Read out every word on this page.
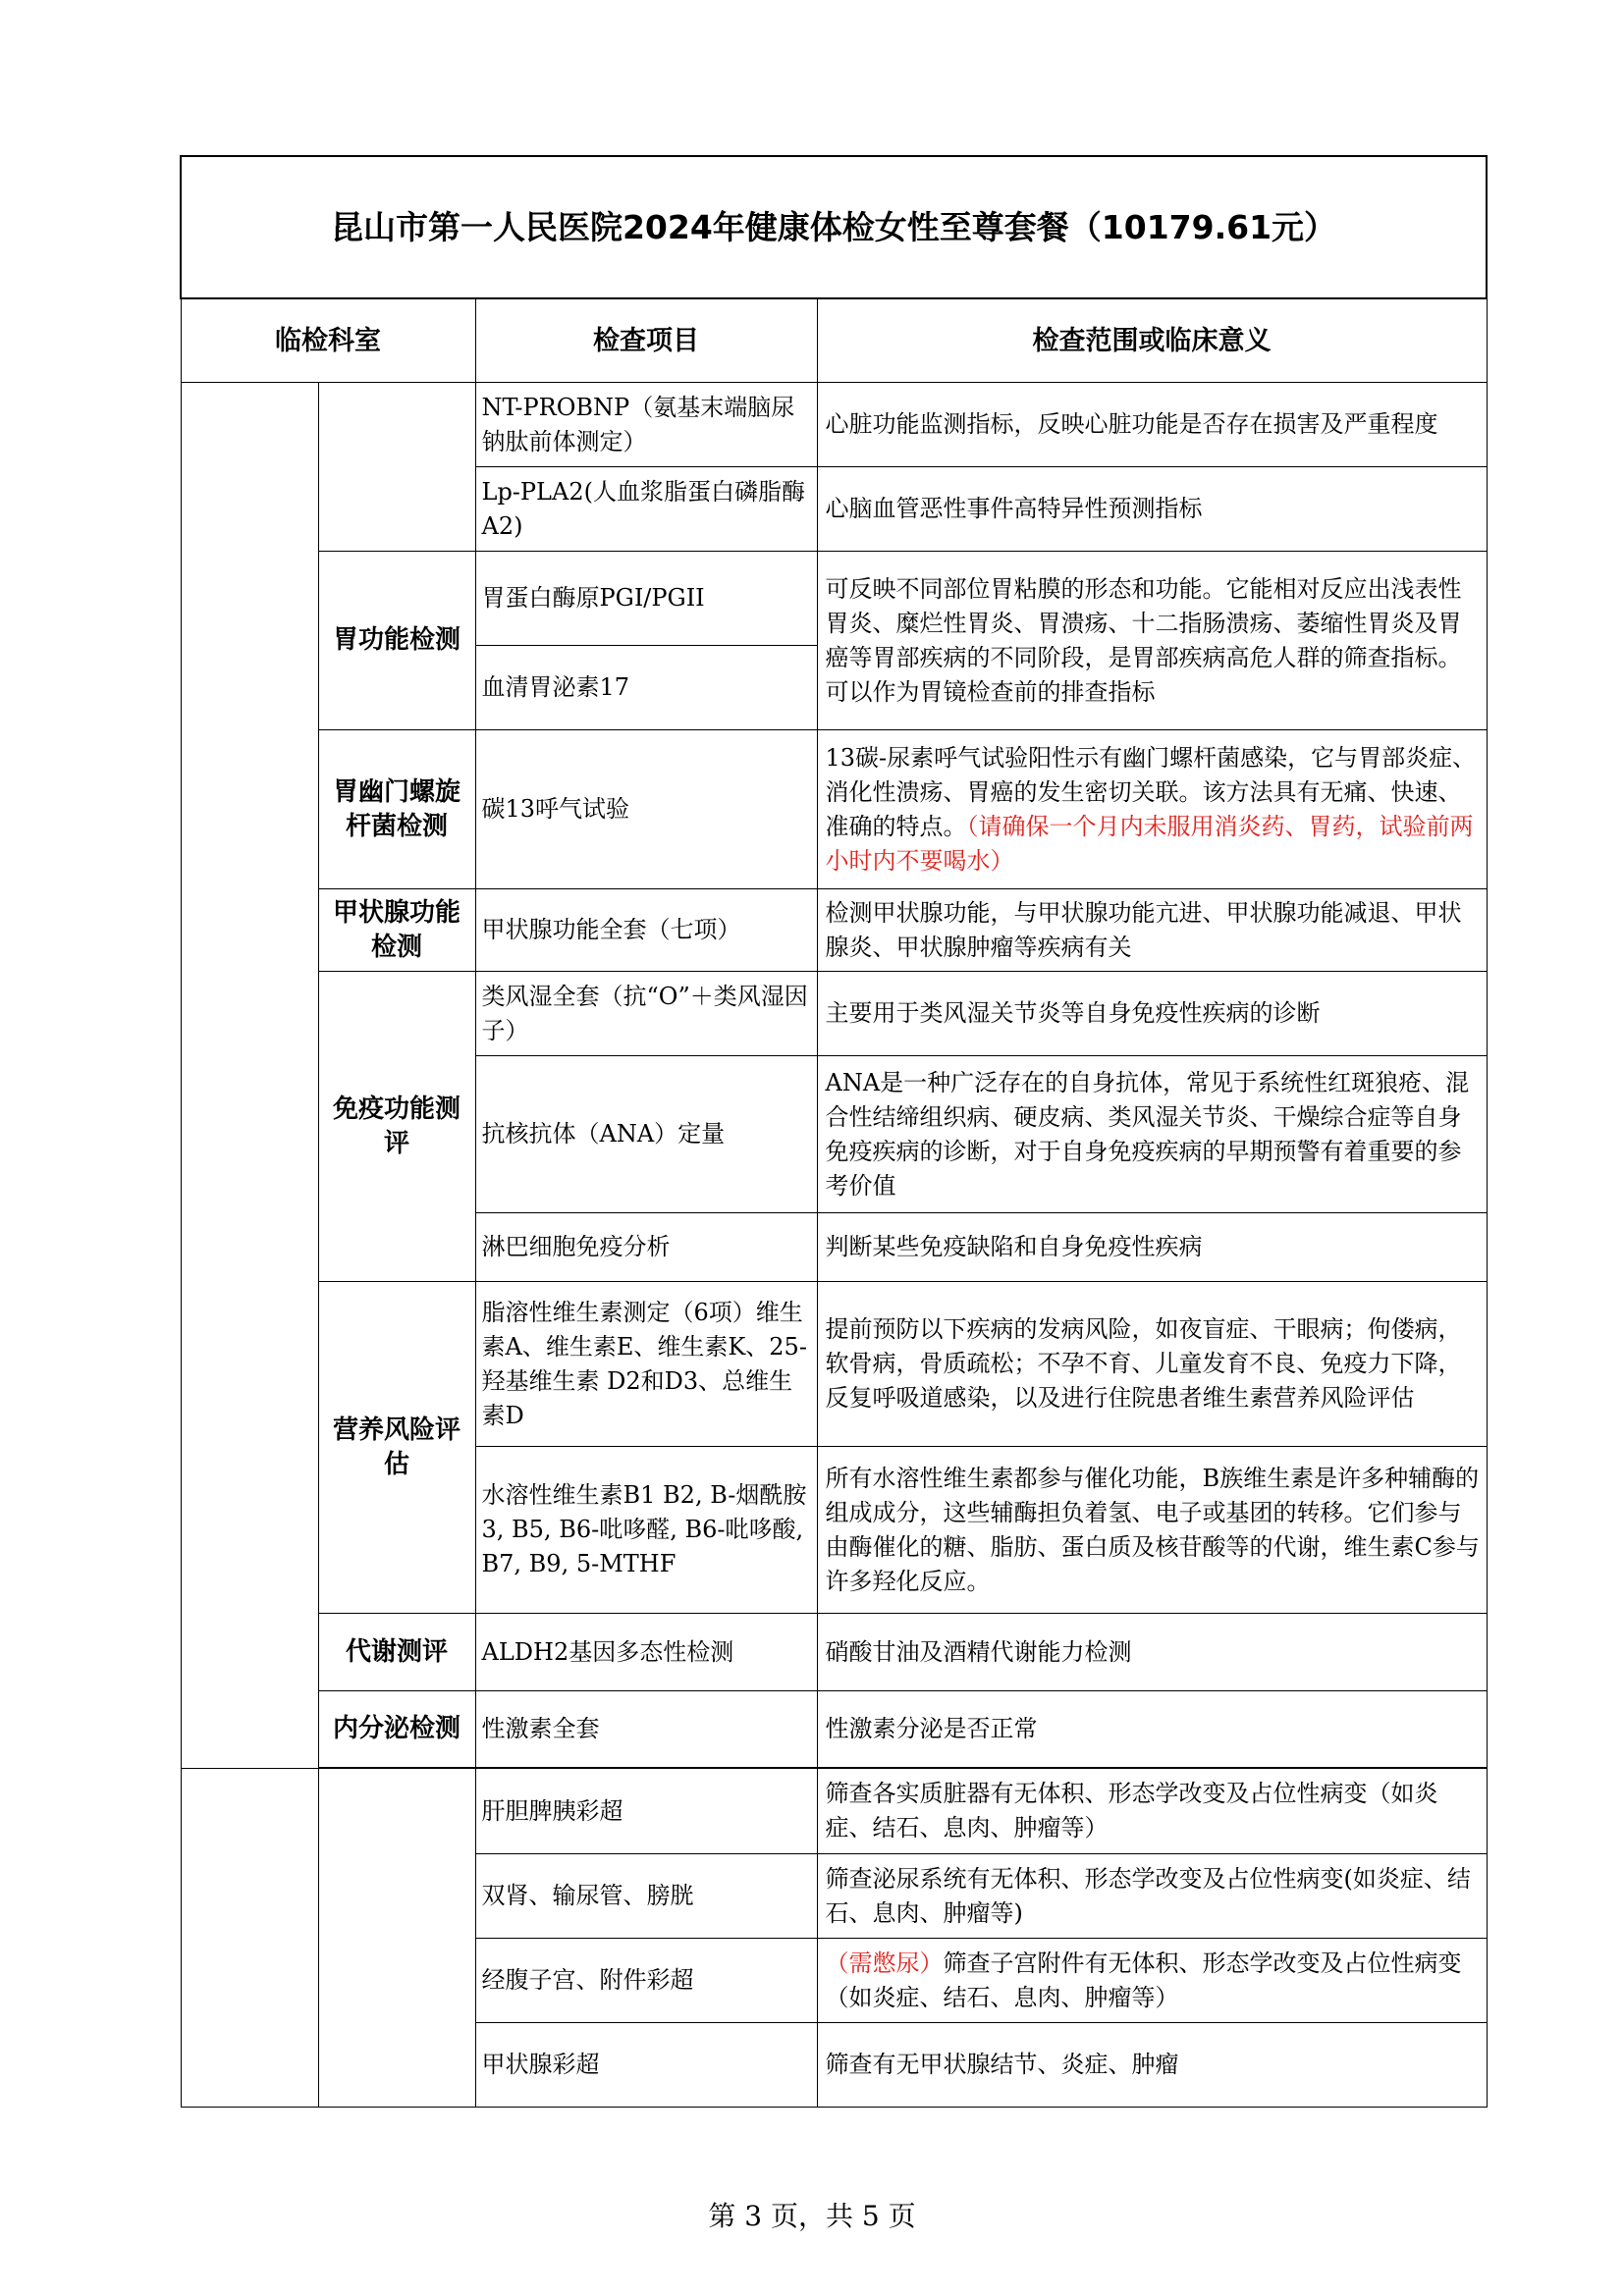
昆山市第一人民医院2024年健康体检女性至尊套餐（10179.61元）			
临检科室		检查项目	检查范围或临床意义
		NT-PROBNP（氨基末端脑尿钠肽前体测定）	心脏功能监测指标，反映心脏功能是否存在损害及严重程度
		Lp-PLA2(人血浆脂蛋白磷脂酶A2)	心脑血管恶性事件高特异性预测指标
	胃功能检测	胃蛋白酶原PGI/PGII	可反映不同部位胃粘膜的形态和功能。它能相对反应出浅表性胃炎、糜烂性胃炎、胃溃疡、十二指肠溃疡、萎缩性胃炎及胃癌等胃部疾病的不同阶段，是胃部疾病高危人群的筛查指标。可以作为胃镜检查前的排查指标
		血清胃泌素17	
	胃幽门螺旋杆菌检测	碳13呼气试验	13碳-尿素呼气试验阳性示有幽门螺杆菌感染，它与胃部炎症、消化性溃疡、胃癌的发生密切关联。该方法具有无痛、快速、准确的特点。（请确保一个月内未服用消炎药、胃药，试验前两小时内不要喝水）
	甲状腺功能检测	甲状腺功能全套（七项）	检测甲状腺功能，与甲状腺功能亢进、甲状腺功能减退、甲状腺炎、甲状腺肿瘤等疾病有关
	免疫功能测评	类风湿全套（抗“O”＋类风湿因子）	主要用于类风湿关节炎等自身免疫性疾病的诊断
		抗核抗体（ANA）定量	ANA是一种广泛存在的自身抗体，常见于系统性红斑狼疮、混合性结缔组织病、硬皮病、类风湿关节炎、干燥综合症等自身免疫疾病的诊断，对于自身免疫疾病的早期预警有着重要的参考价值
		淋巴细胞免疫分析	判断某些免疫缺陷和自身免疫性疾病
	营养风险评估	脂溶性维生素测定（6项）维生素A、维生素E、维生素K、25-羟基维生素 D2和D3、总维生素D	提前预防以下疾病的发病风险，如夜盲症、干眼病；佝偻病，软骨病，骨质疏松；不孕不育、儿童发育不良、免疫力下降，反复呼吸道感染，以及进行住院患者维生素营养风险评估
		水溶性维生素B1 B2, B-烟酰胺3, B5, B6-吡哆醛, B6-吡哆酸, B7, B9, 5-MTHF	所有水溶性维生素都参与催化功能，B族维生素是许多种辅酶的组成成分，这些辅酶担负着氢、电子或基团的转移。它们参与由酶催化的糖、脂肪、蛋白质及核苷酸等的代谢，维生素C参与许多羟化反应。
	代谢测评	ALDH2基因多态性检测	硝酸甘油及酒精代谢能力检测
	内分泌检测	性激素全套	性激素分泌是否正常

		肝胆脾胰彩超	筛查各实质脏器有无体积、形态学改变及占位性病变（如炎症、结石、息肉、肿瘤等）
		双肾、输尿管、膀胱	筛查泌尿系统有无体积、形态学改变及占位性病变(如炎症、结石、息肉、肿瘤等)
		经腹子宫、附件彩超	（需憋尿）筛查子宫附件有无体积、形态学改变及占位性病变（如炎症、结石、息肉、肿瘤等）
		甲状腺彩超	筛查有无甲状腺结节、炎症、肿瘤
第 3 页，共 5 页
